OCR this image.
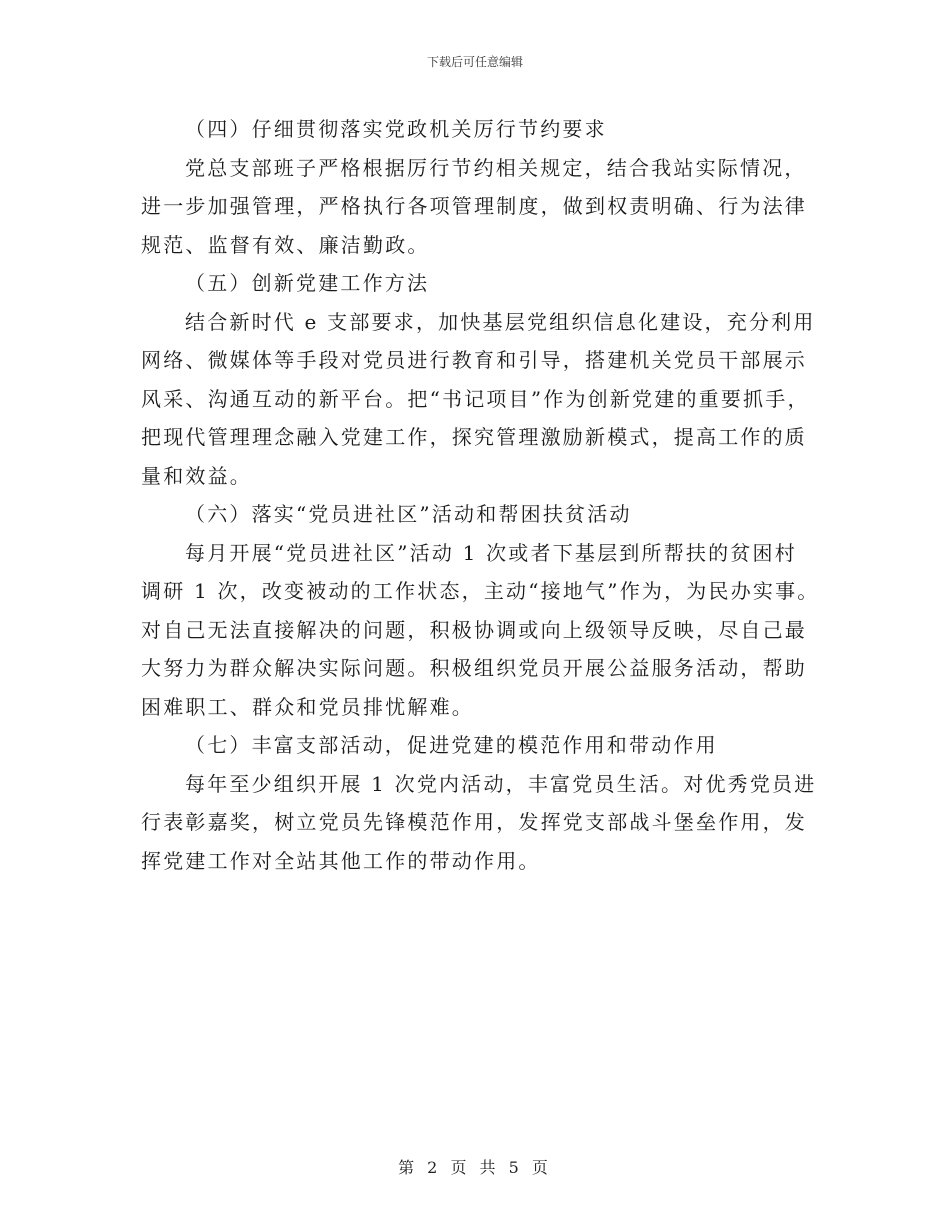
下载后可任意编辑
（四）仔细贯彻落实党政机关厉行节约要求
党总支部班子严格根据厉行节约相关规定，结合我站实际情况，
进一步加强管理，严格执行各项管理制度，做到权责明确、行为法律
规范、监督有效、廉洁勤政。
（五）创新党建工作方法
结合新时代 e 支部要求，加快基层党组织信息化建设，充分利用
网络、微媒体等手段对党员进行教育和引导，搭建机关党员干部展示
风采、沟通互动的新平台。把“书记项目”作为创新党建的重要抓手，
把现代管理理念融入党建工作，探究管理激励新模式，提高工作的质
量和效益。
（六）落实“党员进社区”活动和帮困扶贫活动
每月开展“党员进社区”活动 1 次或者下基层到所帮扶的贫困村
调研 1 次，改变被动的工作状态，主动“接地气”作为，为民办实事。
对自己无法直接解决的问题，积极协调或向上级领导反映，尽自己最
大努力为群众解决实际问题。积极组织党员开展公益服务活动，帮助
困难职工、群众和党员排忧解难。
（七）丰富支部活动，促进党建的模范作用和带动作用
每年至少组织开展 1 次党内活动，丰富党员生活。对优秀党员进
行表彰嘉奖，树立党员先锋模范作用，发挥党支部战斗堡垒作用，发
挥党建工作对全站其他工作的带动作用。
第 2 页 共 5 页
